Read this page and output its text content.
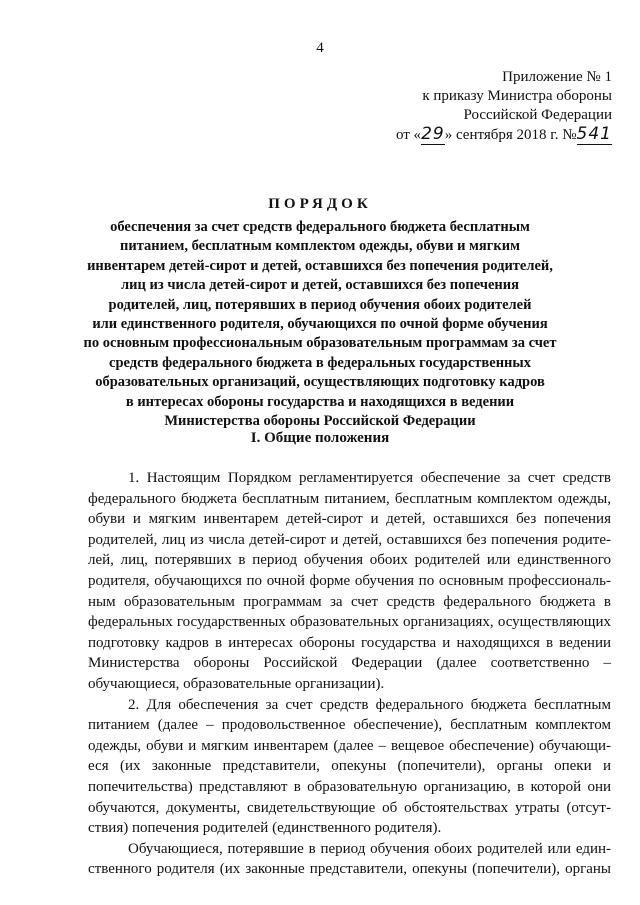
4
Приложение № 1
к приказу Министра обороны
Российской Федерации
от «29» сентября 2018 г. №541
ПОРЯДОК
обеспечения за счет средств федерального бюджета бесплатным
питанием, бесплатным комплектом одежды, обуви и мягким
инвентарем детей-сирот и детей, оставшихся без попечения родителей,
лиц из числа детей-сирот и детей, оставшихся без попечения
родителей, лиц, потерявших в период обучения обоих родителей
или единственного родителя, обучающихся по очной форме обучения
по основным профессиональным образовательным программам за счет
средств федерального бюджета в федеральных государственных
образовательных организаций, осуществляющих подготовку кадров
в интересах обороны государства и находящихся в ведении
Министерства обороны Российской Федерации
I. Общие положения
1. Настоящим Порядком регламентируется обеспечение за счет средств
федерального бюджета бесплатным питанием, бесплатным комплектом одежды,
обуви и мягким инвентарем детей-сирот и детей, оставшихся без попечения
родителей, лиц из числа детей-сирот и детей, оставшихся без попечения родите-
лей, лиц, потерявших в период обучения обоих родителей или единственного
родителя, обучающихся по очной форме обучения по основным профессиональ-
ным образовательным программам за счет средств федерального бюджета в
федеральных государственных образовательных организациях, осуществляющих
подготовку кадров в интересах обороны государства и находящихся в ведении
Министерства обороны Российской Федерации (далее соответственно –
обучающиеся, образовательные организации).
2. Для обеспечения за счет средств федерального бюджета бесплатным
питанием (далее – продовольственное обеспечение), бесплатным комплектом
одежды, обуви и мягким инвентарем (далее – вещевое обеспечение) обучающи-
еся (их законные представители, опекуны (попечители), органы опеки и
попечительства) представляют в образовательную организацию, в которой они
обучаются, документы, свидетельствующие об обстоятельствах утраты (отсут-
ствия) попечения родителей (единственного родителя).
Обучающиеся, потерявшие в период обучения обоих родителей или един-
ственного родителя (их законные представители, опекуны (попечители), органы
